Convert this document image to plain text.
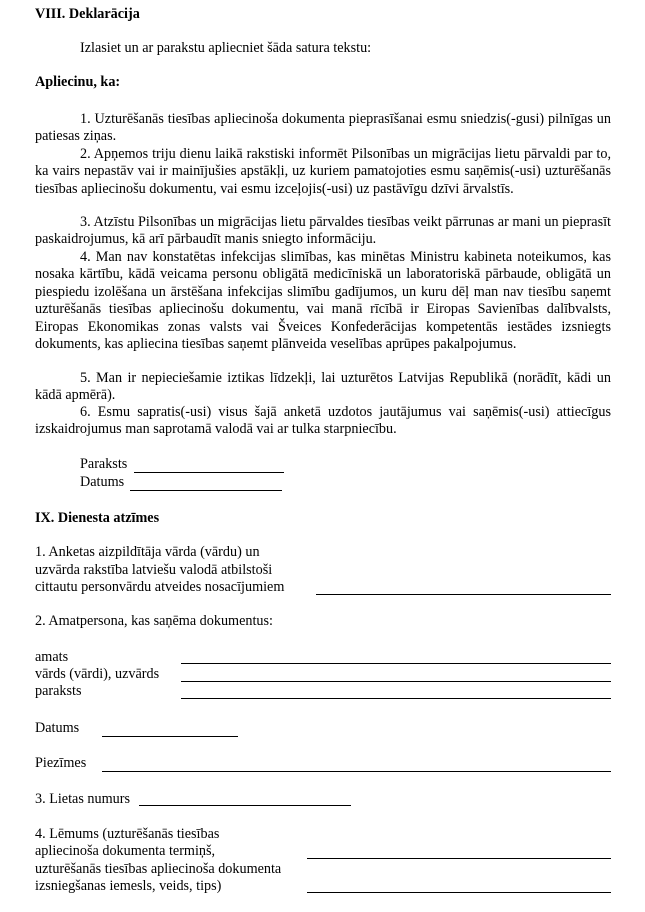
VIII. Deklarācija
Izlasiet un ar parakstu apliecniet šāda satura tekstu:
Apliecinu, ka:
1. Uzturēšanās tiesības apliecinoša dokumenta pieprasīšanai esmu sniedzis(-gusi) pilnīgas un patiesas ziņas.
2. Apņemos triju dienu laikā rakstiski informēt Pilsonības un migrācijas lietu pārvaldi par to, ka vairs nepastāv vai ir mainījušies apstākļi, uz kuriem pamatojoties esmu saņēmis(-usi) uzturēšanās tiesības apliecinošu dokumentu, vai esmu izceļojis(-usi) uz pastāvīgu dzīvi ārvalstīs.
3. Atzīstu Pilsonības un migrācijas lietu pārvaldes tiesības veikt pārrunas ar mani un pieprasīt paskaidrojumus, kā arī pārbaudīt manis sniegto informāciju.
4. Man nav konstatētas infekcijas slimības, kas minētas Ministru kabineta noteikumos, kas nosaka kārtību, kādā veicama personu obligātā medicīniskā un laboratoriskā pārbaude, obligātā un piespiedu izolēšana un ārstēšana infekcijas slimību gadījumos, un kuru dēļ man nav tiesību saņemt uzturēšanās tiesības apliecinošu dokumentu, vai manā rīcībā ir Eiropas Savienības dalībvalsts, Eiropas Ekonomikas zonas valsts vai Šveices Konfederācijas kompetentās iestādes izsniegts dokuments, kas apliecina tiesības saņemt plānveida veselības aprūpes pakalpojumus.
5. Man ir nepieciešamie iztikas līdzekļi, lai uzturētos Latvijas Republikā (norādīt, kādi un kādā apmērā).
6. Esmu sapratis(-usi) visus šajā anketā uzdotos jautājumus vai saņēmis(-usi) attiecīgus izskaidrojumus man saprotamā valodā vai ar tulka starpniecību.
Paraksts
Datums
IX. Dienesta atzīmes
1. Anketas aizpildītāja vārda (vārdu) un
uzvārda rakstība latviešu valodā atbilstoši
cittautu personvārdu atveides nosacījumiem
2. Amatpersona, kas saņēma dokumentus:
amats
vārds (vārdi), uzvārds
paraksts
Datums
Piezīmes
3. Lietas numurs
4. Lēmums (uzturēšanās tiesības
apliecinoša dokumenta termiņš,
uzturēšanās tiesības apliecinoša dokumenta
izsniegšanas iemesls, veids, tips)
